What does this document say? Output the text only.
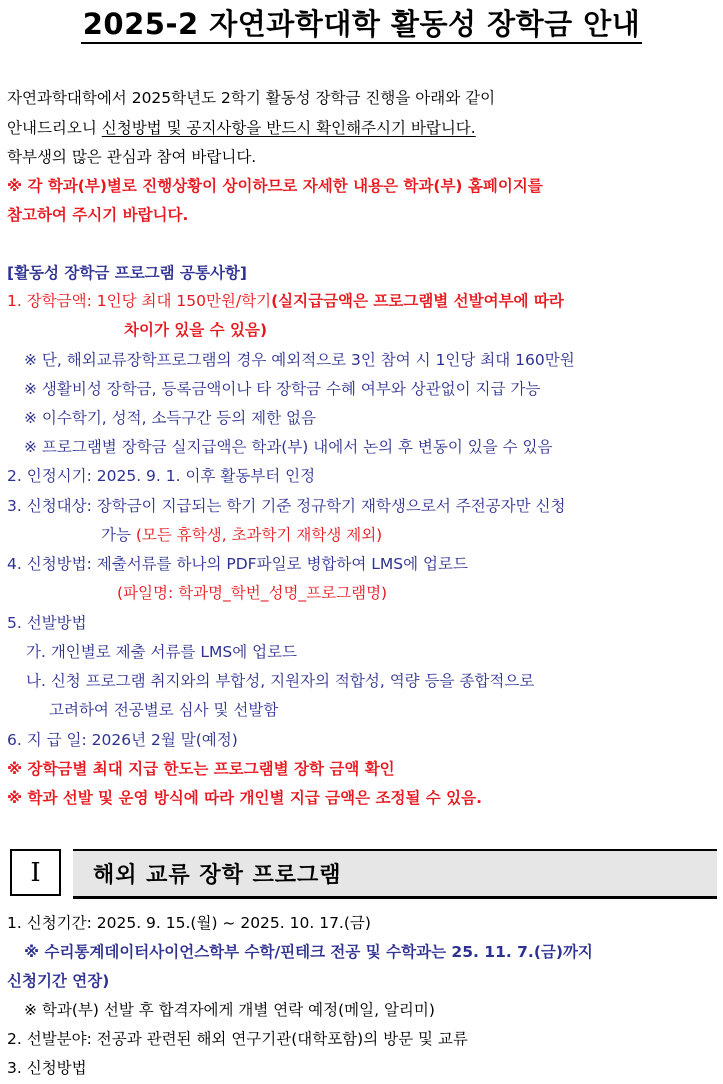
2025-2 자연과학대학 활동성 장학금 안내
자연과학대학에서 2025학년도 2학기 활동성 장학금 진행을 아래와 같이
안내드리오니 신청방법 및 공지사항을 반드시 확인해주시기 바랍니다.
학부생의 많은 관심과 참여 바랍니다.
※ 각 학과(부)별로 진행상황이 상이하므로 자세한 내용은 학과(부) 홈페이지를
참고하여 주시기 바랍니다.
[활동성 장학금 프로그램 공통사항]
1. 장학금액: 1인당 최대 150만원/학기(실지급금액은 프로그램별 선발여부에 따라
차이가 있을 수 있음)
※ 단, 해외교류장학프로그램의 경우 예외적으로 3인 참여 시 1인당 최대 160만원
※ 생활비성 장학금, 등록금액이나 타 장학금 수혜 여부와 상관없이 지급 가능
※ 이수학기, 성적, 소득구간 등의 제한 없음
※ 프로그램별 장학금 실지급액은 학과(부) 내에서 논의 후 변동이 있을 수 있음
2. 인정시기: 2025. 9. 1. 이후 활동부터 인정
3. 신청대상: 장학금이 지급되는 학기 기준 정규학기 재학생으로서 주전공자만 신청
가능 (모든 휴학생, 초과학기 재학생 제외)
4. 신청방법: 제출서류를 하나의 PDF파일로 병합하여 LMS에 업로드
(파일명: 학과명_학번_성명_프로그램명)
5. 선발방법
가. 개인별로 제출 서류를 LMS에 업로드
나. 신청 프로그램 취지와의 부합성, 지원자의 적합성, 역량 등을 종합적으로
고려하여 전공별로 심사 및 선발함
6. 지 급 일: 2026년 2월 말(예정)
※ 장학금별 최대 지급 한도는 프로그램별 장학 금액 확인
※ 학과 선발 및 운영 방식에 따라 개인별 지급 금액은 조정될 수 있음.
I	해외 교류 장학 프로그램
1. 신청기간: 2025. 9. 15.(월) ~ 2025. 10. 17.(금)
※ 수리통계데이터사이언스학부 수학/핀테크 전공 및 수학과는 25. 11. 7.(금)까지
신청기간 연장)
※ 학과(부) 선발 후 합격자에게 개별 연락 예정(메일, 알리미)
2. 선발분야: 전공과 관련된 해외 연구기관(대학포함)의 방문 및 교류
3. 신청방법
